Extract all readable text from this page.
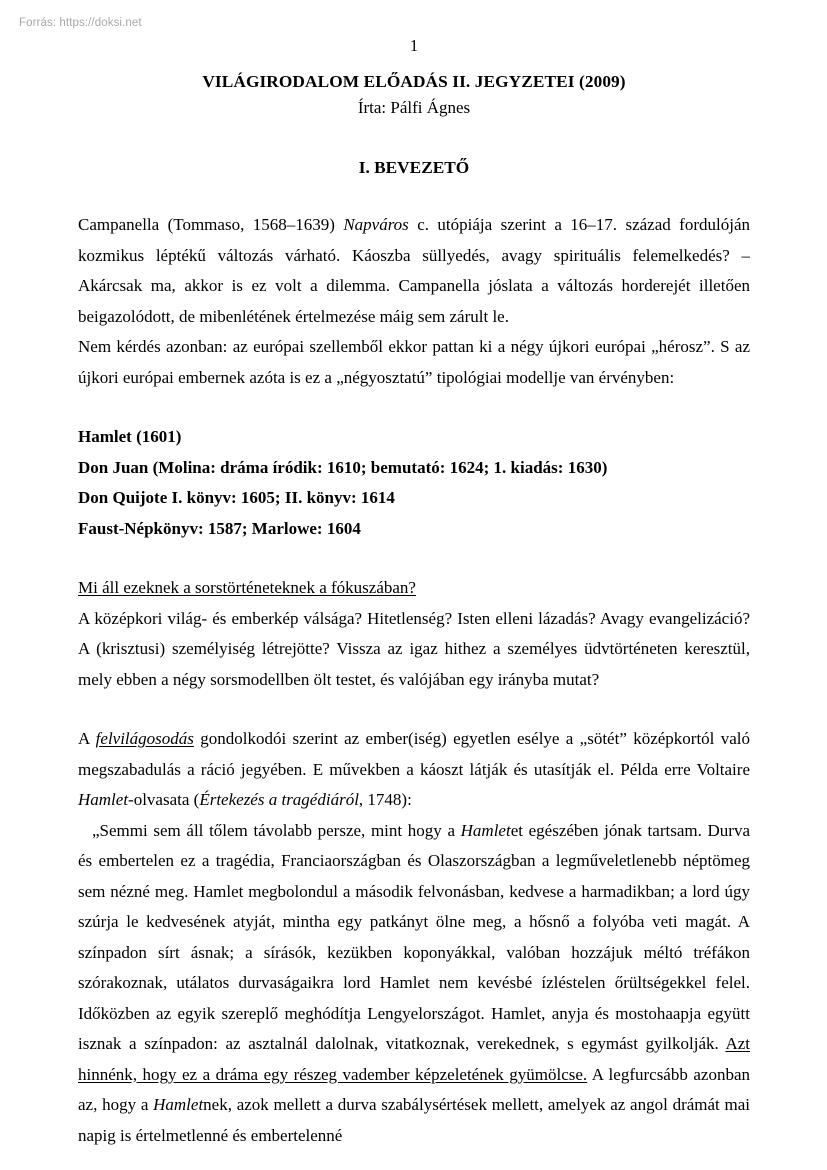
Forrás: https://doksi.net
1
VILÁGIRODALOM ELŐADÁS II. JEGYZETEI (2009)
Írta: Pálfi Ágnes
I. BEVEZETŐ

Campanella (Tommaso, 1568–1639) Napváros c. utópiája szerint a 16–17. század fordulóján kozmikus léptékű változás várható. Káoszba süllyedés, avagy spirituális felemelkedés? – Akárcsak ma, akkor is ez volt a dilemma. Campanella jóslata a változás horderejét illetően beigazolódott, de mibenlétének értelmezése máig sem zárult le.

Nem kérdés azonban: az európai szellemből ekkor pattan ki a négy újkori európai „hérosz”. S az újkori európai embernek azóta is ez a „négyosztatú” tipológiai modellje van érvényben:

Hamlet (1601)
Don Juan (Molina: dráma íródik: 1610; bemutató: 1624; 1. kiadás: 1630)
Don Quijote I. könyv: 1605; II. könyv: 1614
Faust-Népkönyv: 1587; Marlowe: 1604
Mi áll ezeknek a sorstörténeteknek a fókuszában?

A középkori világ- és emberkép válsága? Hitetlenség? Isten elleni lázadás? Avagy evangelizáció? A (krisztusi) személyiség létrejötte? Vissza az igaz hithez a személyes üdvtörténeten keresztül, mely ebben a négy sorsmodellben ölt testet, és valójában egy irányba mutat?

A felvilágosodás gondolkodói szerint az ember(iség) egyetlen esélye a „sötét” középkortól való megszabadulás a ráció jegyében. E művekben a káoszt látják és utasítják el. Példa erre Voltaire Hamlet-olvasata (Értekezés a tragédiáról, 1748):

„Semmi sem áll tőlem távolabb persze, mint hogy a Hamletet egészében jónak tartsam. Durva és embertelen ez a tragédia, Franciaországban és Olaszországban a legműveletlenebb néptömeg sem nézné meg. Hamlet megbolondul a második felvonásban, kedvese a harmadikban; a lord úgy szúrja le kedvesének atyját, mintha egy patkányt ölne meg, a hősnő a folyóba veti magát. A színpadon sírt ásnak; a sírásók, kezükben koponyákkal, valóban hozzájuk méltó tréfákon szórakoznak, utálatos durvaságaikra lord Hamlet nem kevésbé ízléstelen őrültségekkel felel. Időközben az egyik szereplő meghódítja Lengyelországot. Hamlet, anyja és mostohaapja együtt isznak a színpadon: az asztalnál dalolnak, vitatkoznak, verekednek, s egymást gyilkolják. Azt hinnénk, hogy ez a dráma egy részeg vadember képzeletének gyümölcse. A legfurcsább azonban az, hogy a Hamletnek, azok mellett a durva szabálysértések mellett, amelyek az angol drámát mai napig is értelmetlenné és embertelenné
